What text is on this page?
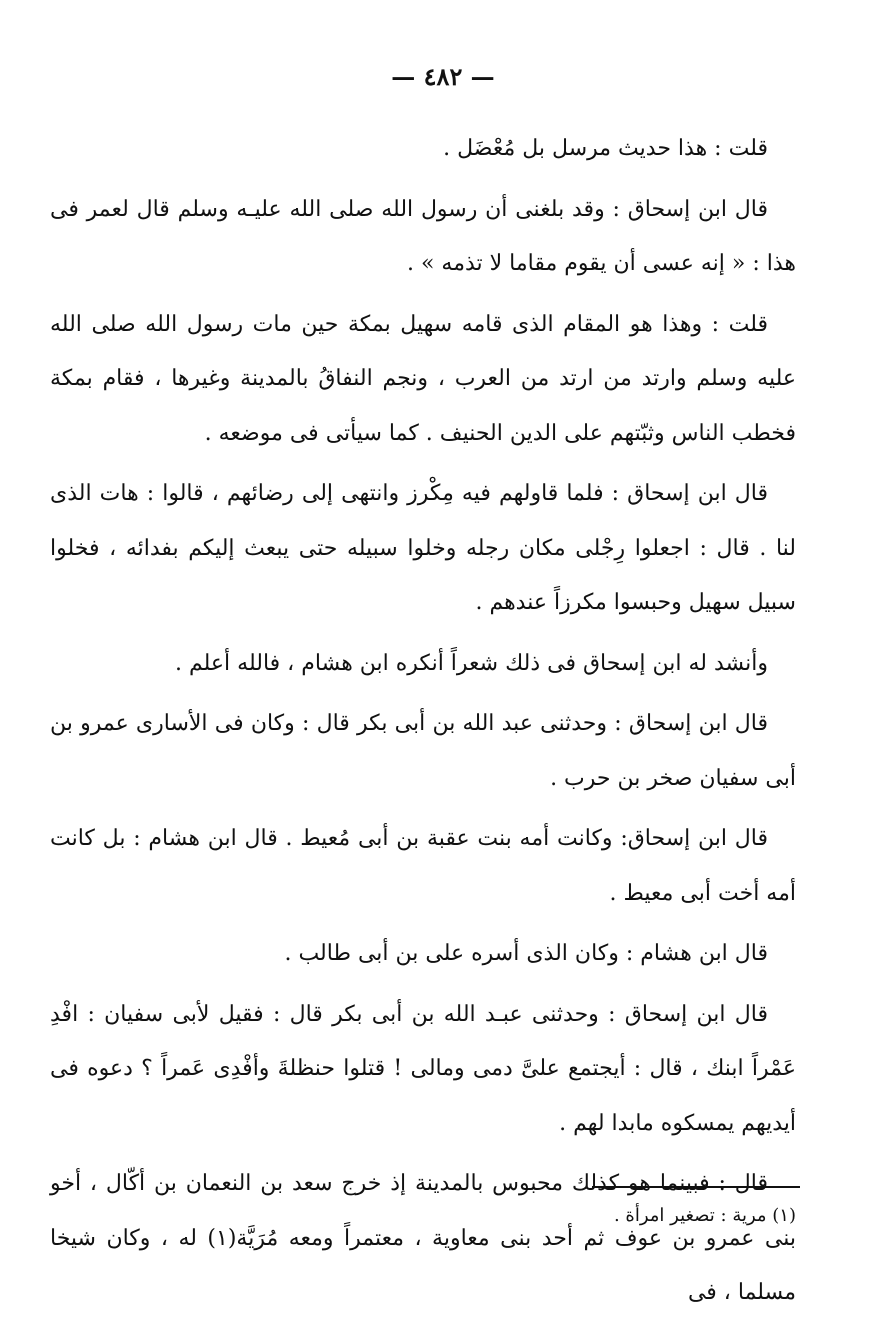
— ٤٨٢ —

قلت : هذا حديث مرسل بل مُعْضَل .

قال ابن إسحاق : وقد بلغنى أن رسول الله صلى الله عليـه وسلم قال لعمر فى هذا : « إنه عسى أن يقوم مقاما لا تذمه » .

قلت : وهذا هو المقام الذى قامه سهيل بمكة حين مات رسول الله صلى الله عليه وسلم وارتد من ارتد من العرب ، ونجم النفاقُ بالمدينة وغيرها ، فقام بمكة فخطب الناس وثبّتهم على الدين الحنيف . كما سيأتى فى موضعه .

قال ابن إسحاق : فلما قاولهم فيه مِكْرز وانتهى إلى رضائهم ، قالوا : هات الذى لنا . قال : اجعلوا رِجْلى مكان رجله وخلوا سبيله حتى يبعث إليكم بفدائه ، فخلوا سبيل سهيل وحبسوا مكرزاً عندهم .

وأنشد له ابن إسحاق فى ذلك شعراً أنكره ابن هشام ، فالله أعلم .

قال ابن إسحاق : وحدثنى عبد الله بن أبى بكر قال : وكان فى الأسارى عمرو بن أبى سفيان صخر بن حرب .

قال ابن إسحاق: وكانت أمه بنت عقبة بن أبى مُعيط . قال ابن هشام : بل كانت أمه أخت أبى معيط .

قال ابن هشام : وكان الذى أسره على بن أبى طالب .

قال ابن إسحاق : وحدثنى عبـد الله بن أبى بكر قال : فقيل لأبى سفيان : افْدِ عَمْراً ابنك ، قال : أيجتمع علىَّ دمى ومالى ! قتلوا حنظلةَ وأفْدِى عَمراً ؟ دعوه فى أيديهم يمسكوه مابدا لهم .

قال : فبينما هو كذلك محبوس بالمدينة إذ خرج سعد بن النعمان بن أكّال ، أخو بنى عمرو بن عوف ثم أحد بنى معاوية ، معتمراً ومعه مُرَيَّة(١) له ، وكان شيخا مسلما ، فى

(١) مرية : تصغير امرأة .
